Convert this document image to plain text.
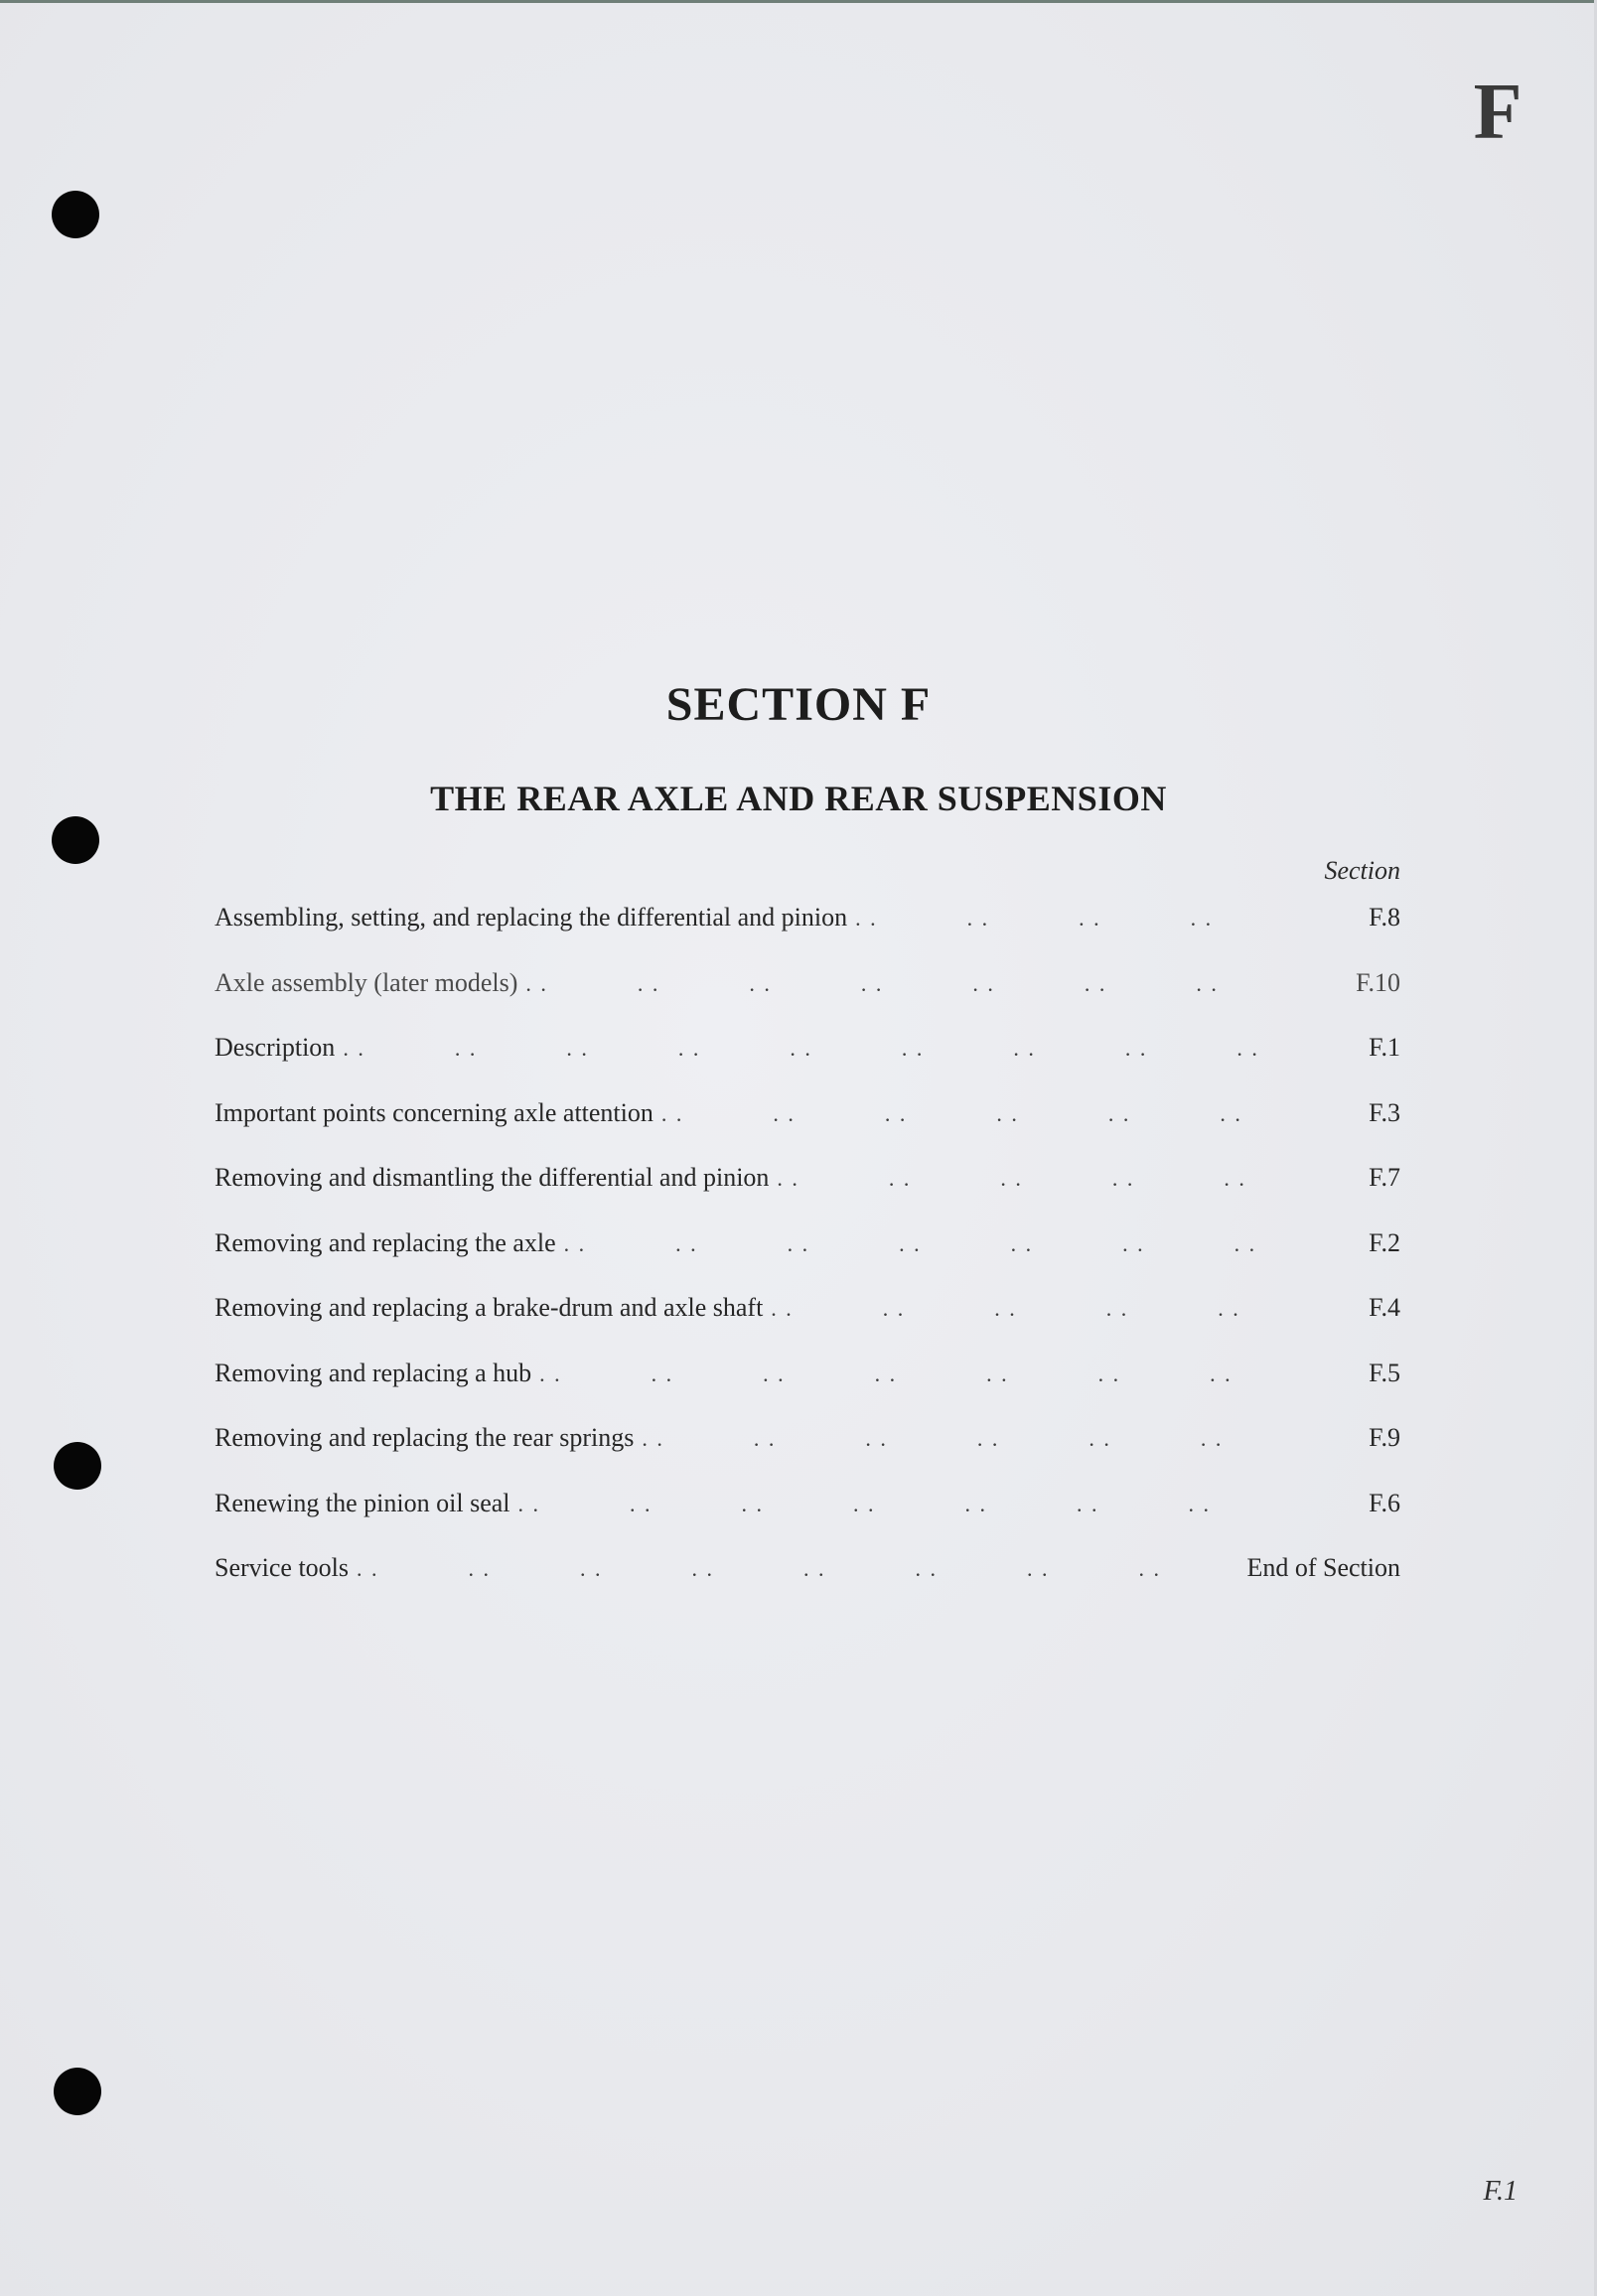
F
SECTION F
THE REAR AXLE AND REAR SUSPENSION
Section
Assembling, setting, and replacing the differential and pinion . .	F.8
Axle assembly (later models) . .	F.10
Description . .	F.1
Important points concerning axle attention . .	F.3
Removing and dismantling the differential and pinion . .	F.7
Removing and replacing the axle . .	F.2
Removing and replacing a brake-drum and axle shaft . .	F.4
Removing and replacing a hub . .	F.5
Removing and replacing the rear springs . .	F.9
Renewing the pinion oil seal . .	F.6
Service tools . .	End of Section
F.1
